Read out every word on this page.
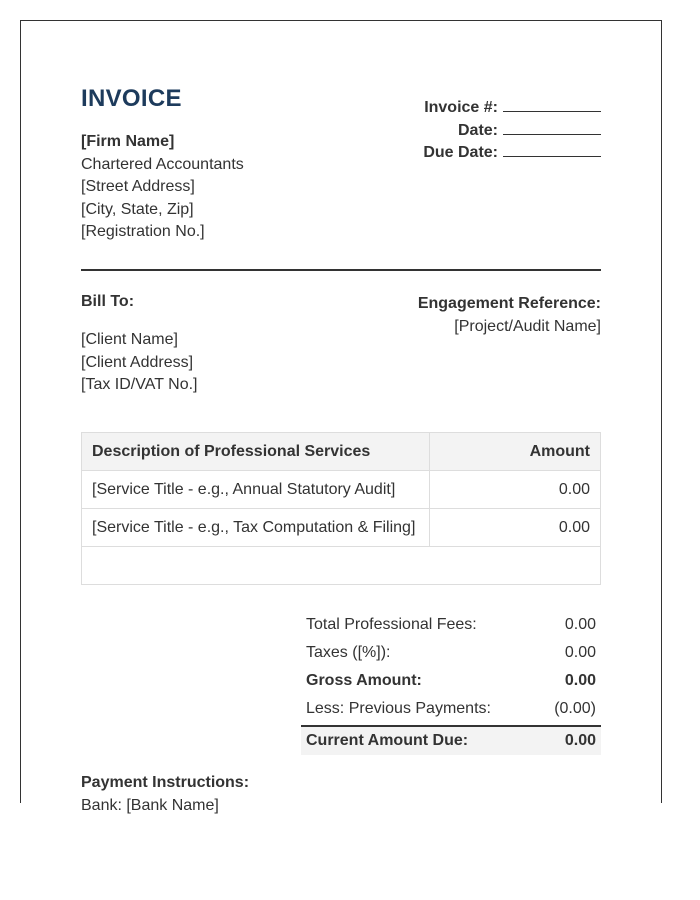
INVOICE
[Firm Name]
Chartered Accountants
[Street Address]
[City, State, Zip]
[Registration No.]
Invoice #:
Date:
Due Date:
Bill To:
[Client Name]
[Client Address]
[Tax ID/VAT No.]
Engagement Reference:
[Project/Audit Name]
Description of Professional Services	Amount
[Service Title - e.g., Annual Statutory Audit]	0.00
[Service Title - e.g., Tax Computation & Filing]	0.00

Total Professional Fees:	0.00
Taxes ([%]):	0.00
Gross Amount:	0.00
Less: Previous Payments:	(0.00)
Current Amount Due:	0.00
Payment Instructions:
Bank: [Bank Name]
